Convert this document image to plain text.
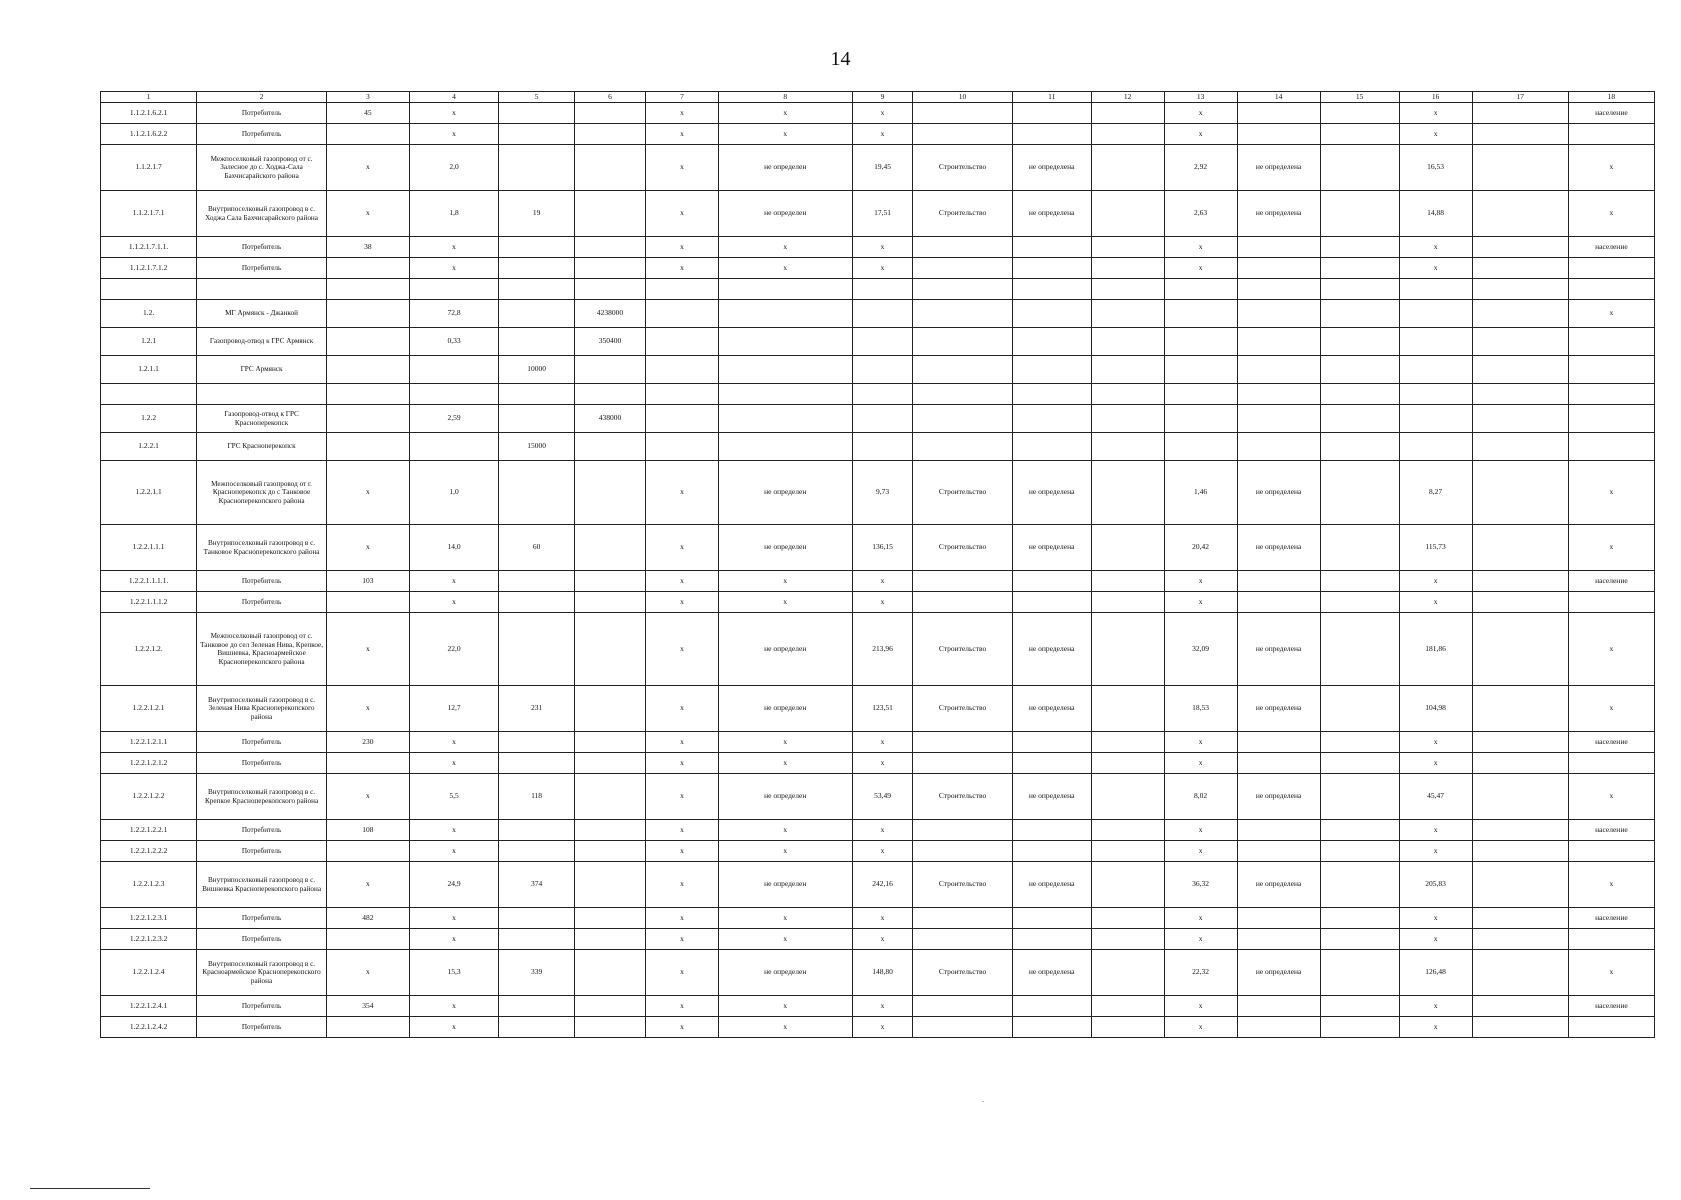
14
1	2	3	4	5	6	7	8	9	10	11	12	13	14	15	16	17	18
1.1.2.1.6.2.1	Потребитель	45	x			x	x	x				x			x		население
1.1.2.1.6.2.2	Потребитель		x			x	x	x				x			x		
1.1.2.1.7	Межпоселковый газопровод от с. Залесное до с. Ходжа-Сала Бахчисарайского района	x	2,0			x	не определен	19,45	Строительство	не определена		2,92	не определена		16,53		x
1.1.2.1.7.1	Внутрипоселковый газопровод в с. Ходжа Сала Бахчисарайского района	x	1,8	19		x	не определен	17,51	Строительство	не определена		2,63	не определена		14,88		x
1.1.2.1.7.1.1.	Потребитель	38	x			x	x	x				x			x		население
1.1.2.1.7.1.2	Потребитель		x			x	x	x				x			x		

1.2.	МГ Армянск - Джанкой		72,8		4238000												x
1.2.1	Газопровод-отвод к ГРС Армянск		0,33		350400												
1.2.1.1	ГРС Армянск			10000													

1.2.2	Газопровод-отвод к ГРС Красноперекопск		2,59		438000												
1.2.2.1	ГРС Красноперекопск			15000													
1.2.2.1.1	Межпоселковый газопровод от г. Красноперекопск до с Танковое Красноперекопского района	x	1,0			x	не определен	9,73	Строительство	не определена		1,46	не определена		8,27		x
1.2.2.1.1.1	Внутрипоселковый газопровод в с. Танковое Красноперекопского района	x	14,0	60		x	не определен	136,15	Строительство	не определена		20,42	не определена		115,73		x
1.2.2.1.1.1.1.	Потребитель	103	x			x	x	x				x			x		население
1.2.2.1.1.1.2	Потребитель		x			x	x	x				x			x		
1.2.2.1.2.	Межпоселковый газопровод от с. Танковое до сел Зеленая Нива, Крепкое, Вишневка, Красноармейское Красноперекопского района	x	22,0			x	не определен	213,96	Строительство	не определена		32,09	не определена		181,86		x
1.2.2.1.2.1	Внутрипоселковый газопровод в с. Зеленая Нива Красноперекопского района	x	12,7	231		x	не определен	123,51	Строительство	не определена		18,53	не определена		104,98		x
1.2.2.1.2.1.1	Потребитель	230	x			x	x	x				x			x		население
1.2.2.1.2.1.2	Потребитель		x			x	x	x				x			x		
1.2.2.1.2.2	Внутрипоселковый газопровод в с. Крепкое Красноперекопского района	x	5,5	118		x	не определен	53,49	Строительство	не определена		8,02	не определена		45,47		x
1.2.2.1.2.2.1	Потребитель	108	x			x	x	x				x			x		население
1.2.2.1.2.2.2	Потребитель		x			x	x	x				x			x		
1.2.2.1.2.3	Внутрипоселковый газопровод в с. Вишневка Красноперекопского района	x	24,9	374		x	не определен	242,16	Строительство	не определена		36,32	не определена		205,83		x
1.2.2.1.2.3.1	Потребитель	482	x			x	x	x				x			x		население
1.2.2.1.2.3.2	Потребитель		x			x	x	x				x			x		
1.2.2.1.2.4	Внутрипоселковый газопровод в с. Красноармейское Красноперекопского района	x	15,3	339		x	не определен	148,80	Строительство	не определена		22,32	не определена		126,48		x
1.2.2.1.2.4.1	Потребитель	354	x			x	x	x				x			x		население
1.2.2.1.2.4.2	Потребитель		x			x	x	x				x			x		
.
